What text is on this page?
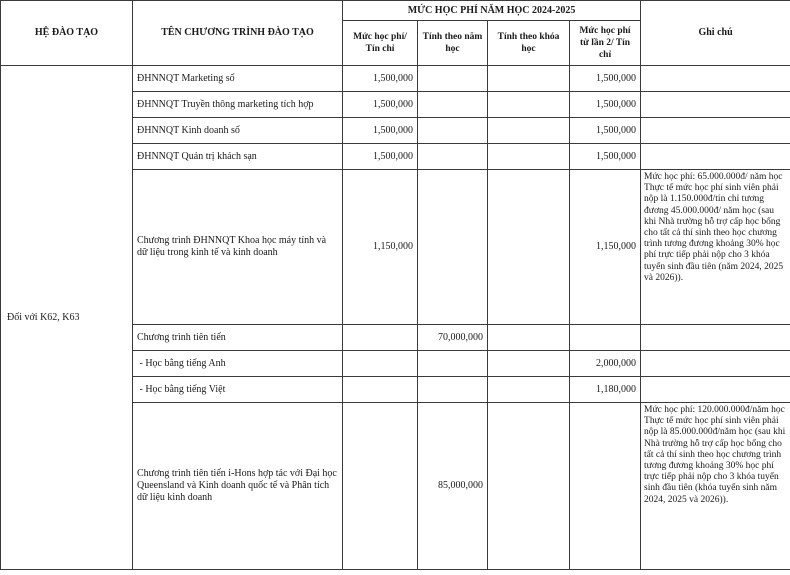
HỆ ĐÀO TẠO	TÊN CHƯƠNG TRÌNH ĐÀO TẠO	MỨC HỌC PHÍ NĂM HỌC 2024-2025				Ghi chú
		Mức học phí/ Tín chỉ	Tính theo năm học	Tính theo khóa học	Mức học phí từ lần 2/ Tín chỉ	
Đối với K62, K63	ĐHNNQT Marketing số	1,500,000			1,500,000	
	ĐHNNQT Truyền thông marketing tích hợp	1,500,000			1,500,000	
	ĐHNNQT Kinh doanh số	1,500,000			1,500,000	
	ĐHNNQT Quản trị khách sạn	1,500,000			1,500,000	
	Chương trình ĐHNNQT Khoa học máy tính và dữ liệu trong kinh tế và kinh doanh	1,150,000			1,150,000	Mức học phí: 65.000.000đ/ năm học
Thực tế mức học phí sinh viên phải nộp là 1.150.000đ/tín chỉ tương đương 45.000.000đ/ năm học (sau khi Nhà trường hỗ trợ cấp học bổng cho tất cả thí sinh theo học chương trình tương đương khoảng 30% học phí trực tiếp phải nộp cho 3 khóa tuyển sinh đầu tiên (năm 2024, 2025 và 2026)).
	Chương trình tiên tiến		70,000,000			
	- Học bằng tiếng Anh				2,000,000	
	- Học bằng tiếng Việt				1,180,000	
	Chương trình tiên tiến i-Hons hợp tác với Đại học Queensland và Kinh doanh quốc tế và Phân tích dữ liệu kinh doanh		85,000,000			Mức học phí: 120.000.000đ/năm học
Thực tế mức học phí sinh viên phải nộp là 85.000.000đ/năm học (sau khi Nhà trường hỗ trợ cấp học bổng cho tất cả thí sinh theo học chương trình tương đương khoảng 30% học phí trực tiếp phải nộp cho 3 khóa tuyển sinh đầu tiên (khóa tuyển sinh năm 2024, 2025 và 2026)).
